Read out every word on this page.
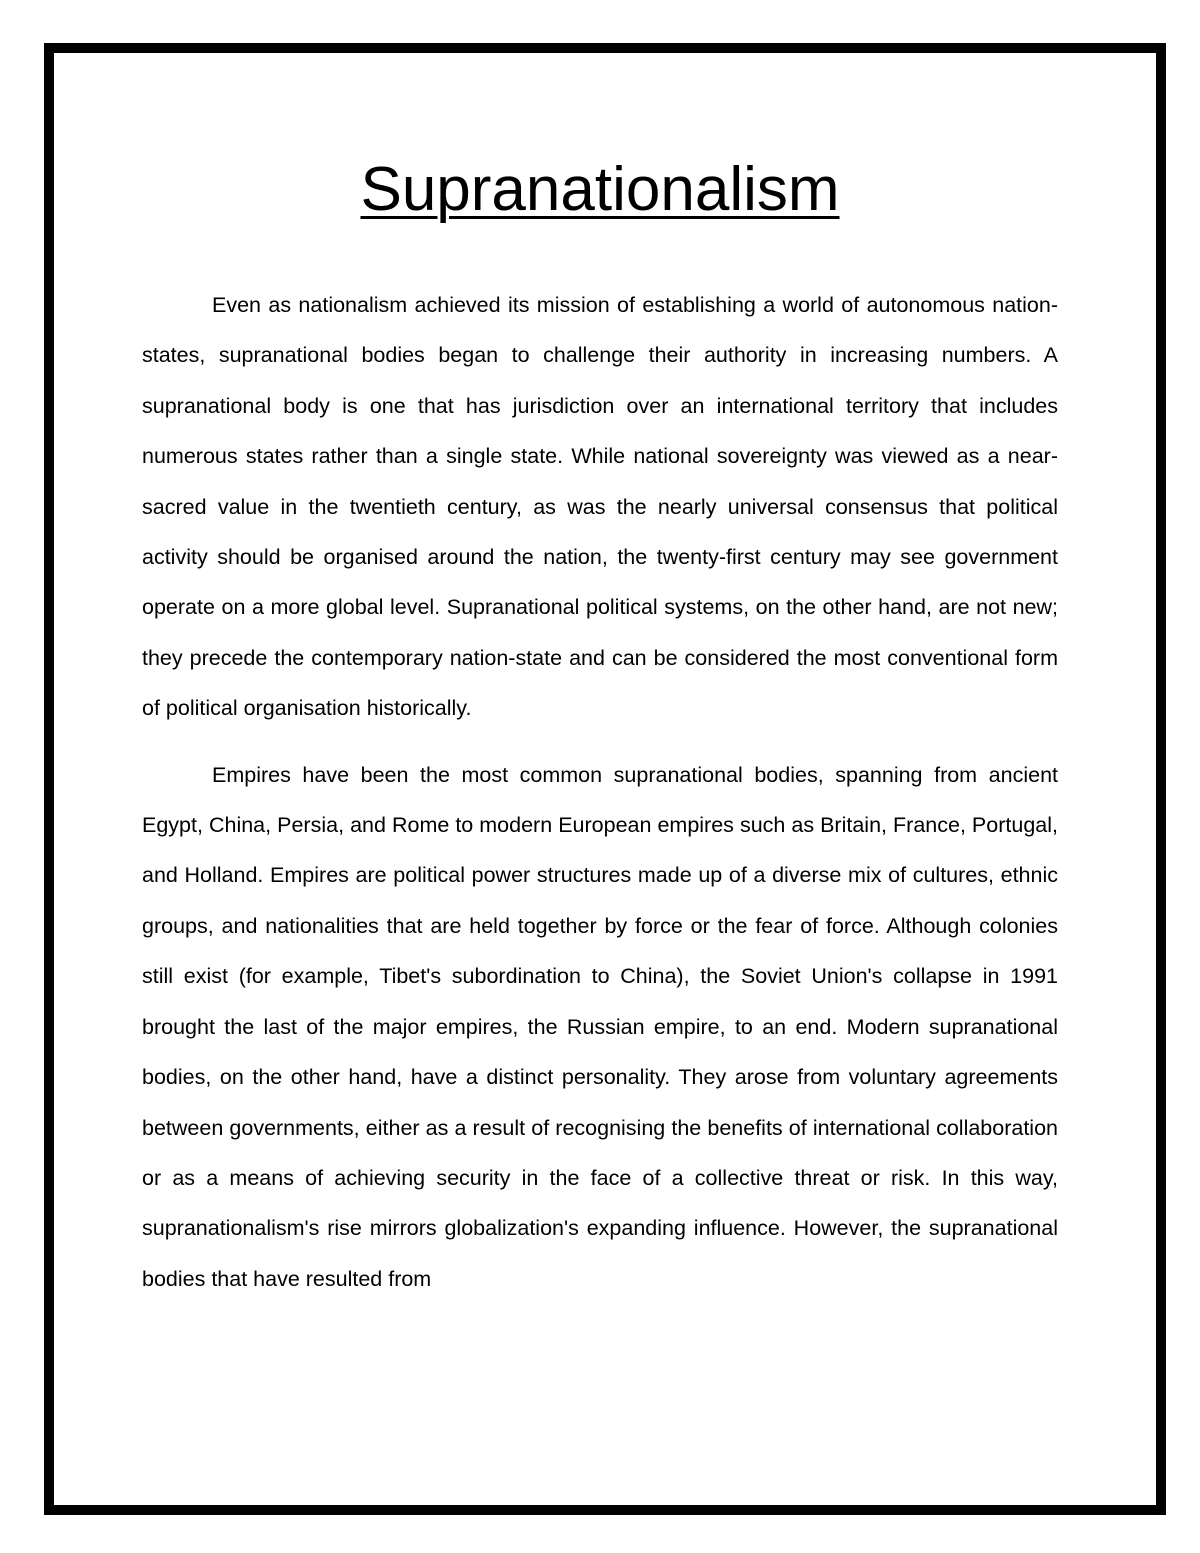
Supranationalism

Even as nationalism achieved its mission of establishing a world of autonomous nation-states, supranational bodies began to challenge their authority in increasing numbers. A supranational body is one that has jurisdiction over an international territory that includes numerous states rather than a single state. While national sovereignty was viewed as a near-sacred value in the twentieth century, as was the nearly universal consensus that political activity should be organised around the nation, the twenty-first century may see government operate on a more global level. Supranational political systems, on the other hand, are not new; they precede the contemporary nation-state and can be considered the most conventional form of political organisation historically.

Empires have been the most common supranational bodies, spanning from ancient Egypt, China, Persia, and Rome to modern European empires such as Britain, France, Portugal, and Holland. Empires are political power structures made up of a diverse mix of cultures, ethnic groups, and nationalities that are held together by force or the fear of force. Although colonies still exist (for example, Tibet's subordination to China), the Soviet Union's collapse in 1991 brought the last of the major empires, the Russian empire, to an end. Modern supranational bodies, on the other hand, have a distinct personality. They arose from voluntary agreements between governments, either as a result of recognising the benefits of international collaboration or as a means of achieving security in the face of a collective threat or risk. In this way, supranationalism's rise mirrors globalization's expanding influence. However, the supranational bodies that have resulted from
